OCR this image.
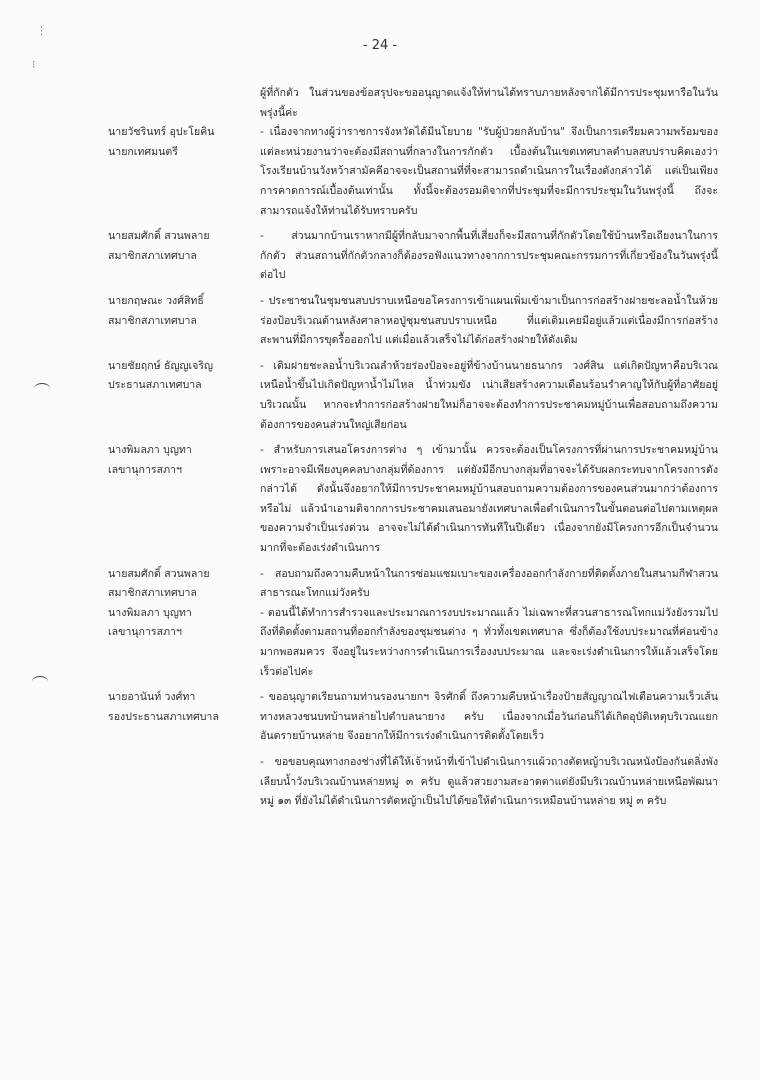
- 24 -
⋮
⁝

ผู้ที่กักตัว ในส่วนของข้อสรุปจะขออนุญาตแจ้งให้ท่านได้ทราบภายหลังจากได้มีการประชุมหารือในวันพรุ่งนี้ค่ะ

นายวัชรินทร์ อุปะโยคิน
นายกเทศมนตรี

- เนื่องจากทางผู้ว่าราชการจังหวัดได้มีนโยบาย "รับผู้ป่วยกลับบ้าน" จึงเป็นการเตรียมความพร้อมของแต่ละหน่วยงานว่าจะต้องมีสถานที่กลางในการกักตัว เบื้องต้นในเขตเทศบาลตำบลสบปราบคิดเองว่าโรงเรียนบ้านวังหว้าสามัคคีอาจจะเป็นสถานที่ที่จะสามารถดำเนินการในเรื่องดังกล่าวได้ แต่เป็นเพียงการคาดการณ์เบื้องต้นเท่านั้น ทั้งนี้จะต้องรอมติจากที่ประชุมที่จะมีการประชุมในวันพรุ่งนี้ ถึงจะสามารถแจ้งให้ท่านได้รับทราบครับ

นายสมศักดิ์ สวนพลาย
สมาชิกสภาเทศบาล

- ส่วนมากบ้านเราหากมีผู้ที่กลับมาจากพื้นที่เสี่ยงก็จะมีสถานที่กักตัวโดยใช้บ้านหรือเถียงนาในการกักตัว ส่วนสถานที่กักตัวกลางก็ต้องรอฟังแนวทางจากการประชุมคณะกรรมการที่เกี่ยวข้องในวันพรุ่งนี้ต่อไป

นายกฤษณะ วงศ์สิทธิ์
สมาชิกสภาเทศบาล

- ประชาชนในชุมชนสบปราบเหนือขอโครงการเข้าแผนเพิ่มเข้ามาเป็นการก่อสร้างฝายชะลอน้ำในห้วยร่องป้อบริเวณด้านหลังศาลาหอปู่ชุมชนสบปราบเหนือ ที่แต่เดิมเคยมีอยู่แล้วแต่เนื่องมีการก่อสร้างสะพานที่มีการขุดรื้อออกไป แต่เมื่อแล้วเสร็จไม่ได้ก่อสร้างฝายให้ดังเดิม

นายชัยฤกษ์ ธัญญเจริญ
ประธานสภาเทศบาล

- เดิมฝายชะลอน้ำบริเวณลำห้วยร่องป้อจะอยู่ที่ข้างบ้านนายธนากร วงศ์สิน แต่เกิดปัญหาคือบริเวณเหนือน้ำขึ้นไปเกิดปัญหาน้ำไม่ไหล น้ำท่วมขัง เน่าเสียสร้างความเดือนร้อนรำคาญให้กับผู้ที่อาศัยอยู่บริเวณนั้น หากจะทำการก่อสร้างฝายใหม่ก็อาจจะต้องทำการประชาคมหมู่บ้านเพื่อสอบถามถึงความต้องการของคนส่วนใหญ่เสียก่อน

นางพิมลภา บุญทา
เลขานุการสภาฯ

- สำหรับการเสนอโครงการต่าง ๆ เข้ามานั้น ควรจะต้องเป็นโครงการที่ผ่านการประชาคมหมู่บ้าน เพราะอาจมีเพียงบุคคลบางกลุ่มที่ต้องการ แต่ยังมีอีกบางกลุ่มที่อาจจะได้รับผลกระทบจากโครงการดังกล่าวได้ ดังนั้นจึงอยากให้มีการประชาคมหมู่บ้านสอบถามความต้องการของคนส่วนมากว่าต้องการหรือไม่ แล้วนำเอามติจากการประชาคมเสนอมายังเทศบาลเพื่อดำเนินการในขั้นตอนต่อไปตามเหตุผลของความจำเป็นเร่งด่วน อาจจะไม่ได้ดำเนินการทันทีในปีเดียว เนื่องจากยังมีโครงการอีกเป็นจำนวนมากที่จะต้องเร่งดำเนินการ

นายสมศักดิ์ สวนพลาย
สมาชิกสภาเทศบาล

- สอบถามถึงความคืบหน้าในการซ่อมแซมเบาะของเครื่องออกกำลังกายที่ติดตั้งภายในสนามกีฬาสวนสาธารณะโทกแม่วังครับ

นางพิมลภา บุญทา
เลขานุการสภาฯ

- ตอนนี้ได้ทำการสำรวจและประมาณการงบประมาณแล้ว ไม่เฉพาะที่สวนสาธารณโทกแม่วังยังรวมไปถึงที่ติดตั้งตามสถานที่ออกกำลังของชุมชนต่าง ๆ ทั่วทั้งเขตเทศบาล ซึ่งก็ต้องใช้งบประมาณที่ค่อนข้างมากพอสมควร จึงอยู่ในระหว่างการดำเนินการเรื่องงบประมาณ และจะเร่งดำเนินการให้แล้วเสร็จโดยเร็วต่อไปค่ะ

นายอานันท์ วงศ์ทา
รองประธานสภาเทศบาล

- ขออนุญาตเรียนถามท่านรองนายกฯ จิรศักดิ์ ถึงความคืบหน้าเรื่องป้ายสัญญาณไฟเตือนความเร็วเส้นทางหลวงชนบทบ้านหล่ายไปตำบลนายาง ครับ เนื่องจากเมื่อวันก่อนก็ได้เกิดอุบัติเหตุบริเวณแยกอันตรายบ้านหล่าย จึงอยากให้มีการเร่งดำเนินการติดตั้งโดยเร็ว

- ขอขอบคุณทางกองช่างที่ได้ให้เจ้าหน้าที่เข้าไปดำเนินการแผ้วถางตัดหญ้าบริเวณหนังป้องกันตลิ่งพังเลียบน้ำวังบริเวณบ้านหล่ายหมู่ ๓ ครับ ดูแล้วสวยงามสะอาดตาแต่ยังมีบริเวณบ้านหล่ายเหนือพัฒนา หมู่ ๑๓ ที่ยังไม่ได้ดำเนินการตัดหญ้าเป็นไปได้ขอให้ดำเนินการเหมือนบ้านหล่าย หมู่ ๓ ครับ
